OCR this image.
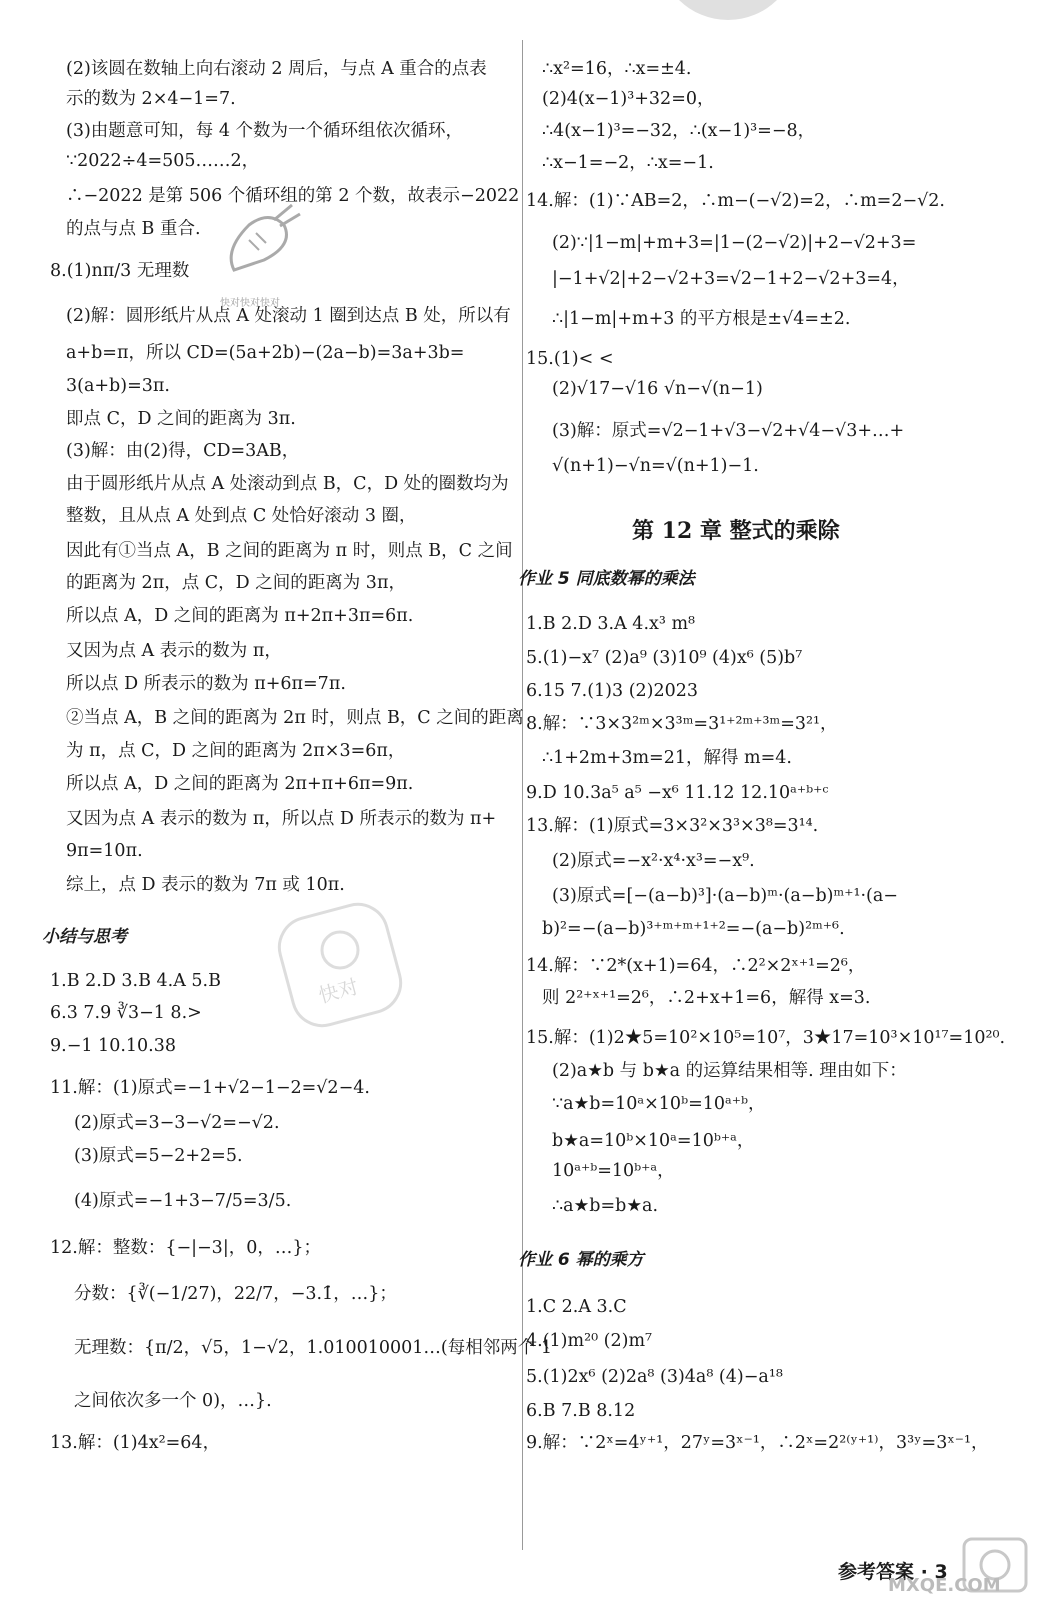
小结与思考
(2)该圆在数轴上向右滚动 2 周后，与点 A 重合的点表
示的数为 2×4−1=7.
(3)由题意可知，每 4 个数为一个循环组依次循环，
∵2022÷4=505……2，
∴−2022 是第 506 个循环组的第 2 个数，故表示−2022
的点与点 B 重合.
8.(1)nπ/3 无理数
(2)解：圆形纸片从点 A 处滚动 1 圈到达点 B 处，所以有
a+b=π，所以 CD=(5a+2b)−(2a−b)=3a+3b=
3(a+b)=3π.
即点 C，D 之间的距离为 3π.
(3)解：由(2)得，CD=3AB，
由于圆形纸片从点 A 处滚动到点 B，C，D 处的圈数均为
整数，且从点 A 处到点 C 处恰好滚动 3 圈，
因此有①当点 A，B 之间的距离为 π 时，则点 B，C 之间
的距离为 2π，点 C，D 之间的距离为 3π，
所以点 A，D 之间的距离为 π+2π+3π=6π.
又因为点 A 表示的数为 π，
所以点 D 所表示的数为 π+6π=7π.
②当点 A，B 之间的距离为 2π 时，则点 B，C 之间的距离
为 π，点 C，D 之间的距离为 2π×3=6π，
所以点 A，D 之间的距离为 2π+π+6π=9π.
又因为点 A 表示的数为 π，所以点 D 所表示的数为 π+
9π=10π.
综上，点 D 表示的数为 7π 或 10π.
1.B 2.D 3.B 4.A 5.B
6.3 7.9 ∛3−1 8.>
9.−1 10.10.38
11.解：(1)原式=−1+√2−1−2=√2−4.
(2)原式=3−3−√2=−√2.
(3)原式=5−2+2=5.
(4)原式=−1+3−7/5=3/5.
12.解：整数：{−|−3|，0，…}；
分数：{∛(−1/27)，22/7，−3.1̇，…}；
无理数：{π/2，√5，1−√2，1.010010001…(每相邻两个 1
之间依次多一个 0)，…}.
13.解：(1)4x²=64，
第 12 章 整式的乘除
作业 5 同底数幂的乘法
作业 6 幂的乘方
∴x²=16，∴x=±4.
(2)4(x−1)³+32=0，
∴4(x−1)³=−32，∴(x−1)³=−8，
∴x−1=−2，∴x=−1.
14.解：(1)∵AB=2，∴m−(−√2)=2，∴m=2−√2.
(2)∵|1−m|+m+3=|1−(2−√2)|+2−√2+3=
|−1+√2|+2−√2+3=√2−1+2−√2+3=4，
∴|1−m|+m+3 的平方根是±√4=±2.
15.(1)< <
(2)√17−√16 √n−√(n−1)
(3)解：原式=√2−1+√3−√2+√4−√3+…+
√(n+1)−√n=√(n+1)−1.
1.B 2.D 3.A 4.x³ m⁸
5.(1)−x⁷ (2)a⁹ (3)10⁹ (4)x⁶ (5)b⁷
6.15 7.(1)3 (2)2023
8.解：∵3×3²ᵐ×3³ᵐ=3¹⁺²ᵐ⁺³ᵐ=3²¹，
∴1+2m+3m=21，解得 m=4.
9.D 10.3a⁵ a⁵ −x⁶ 11.12 12.10ᵃ⁺ᵇ⁺ᶜ
13.解：(1)原式=3×3²×3³×3⁸=3¹⁴.
(2)原式=−x²·x⁴·x³=−x⁹.
(3)原式=[−(a−b)³]·(a−b)ᵐ·(a−b)ᵐ⁺¹·(a−
b)²=−(a−b)³⁺ᵐ⁺ᵐ⁺¹⁺²=−(a−b)²ᵐ⁺⁶.
14.解：∵2*(x+1)=64，∴2²×2ˣ⁺¹=2⁶，
则 2²⁺ˣ⁺¹=2⁶，∴2+x+1=6，解得 x=3.
15.解：(1)2★5=10²×10⁵=10⁷，3★17=10³×10¹⁷=10²⁰.
(2)a★b 与 b★a 的运算结果相等. 理由如下：
∵a★b=10ᵃ×10ᵇ=10ᵃ⁺ᵇ，
b★a=10ᵇ×10ᵃ=10ᵇ⁺ᵃ，
10ᵃ⁺ᵇ=10ᵇ⁺ᵃ，
∴a★b=b★a.
1.C 2.A 3.C
4.(1)m²⁰ (2)m⁷
5.(1)2x⁶ (2)2a⁸ (3)4a⁸ (4)−a¹⁸
6.B 7.B 8.12
9.解：∵2ˣ=4ʸ⁺¹，27ʸ=3ˣ⁻¹，∴2ˣ=2²⁽ʸ⁺¹⁾，3³ʸ=3ˣ⁻¹，
快对快对快对
快对
参考答案 · 3
MXQE.COM
